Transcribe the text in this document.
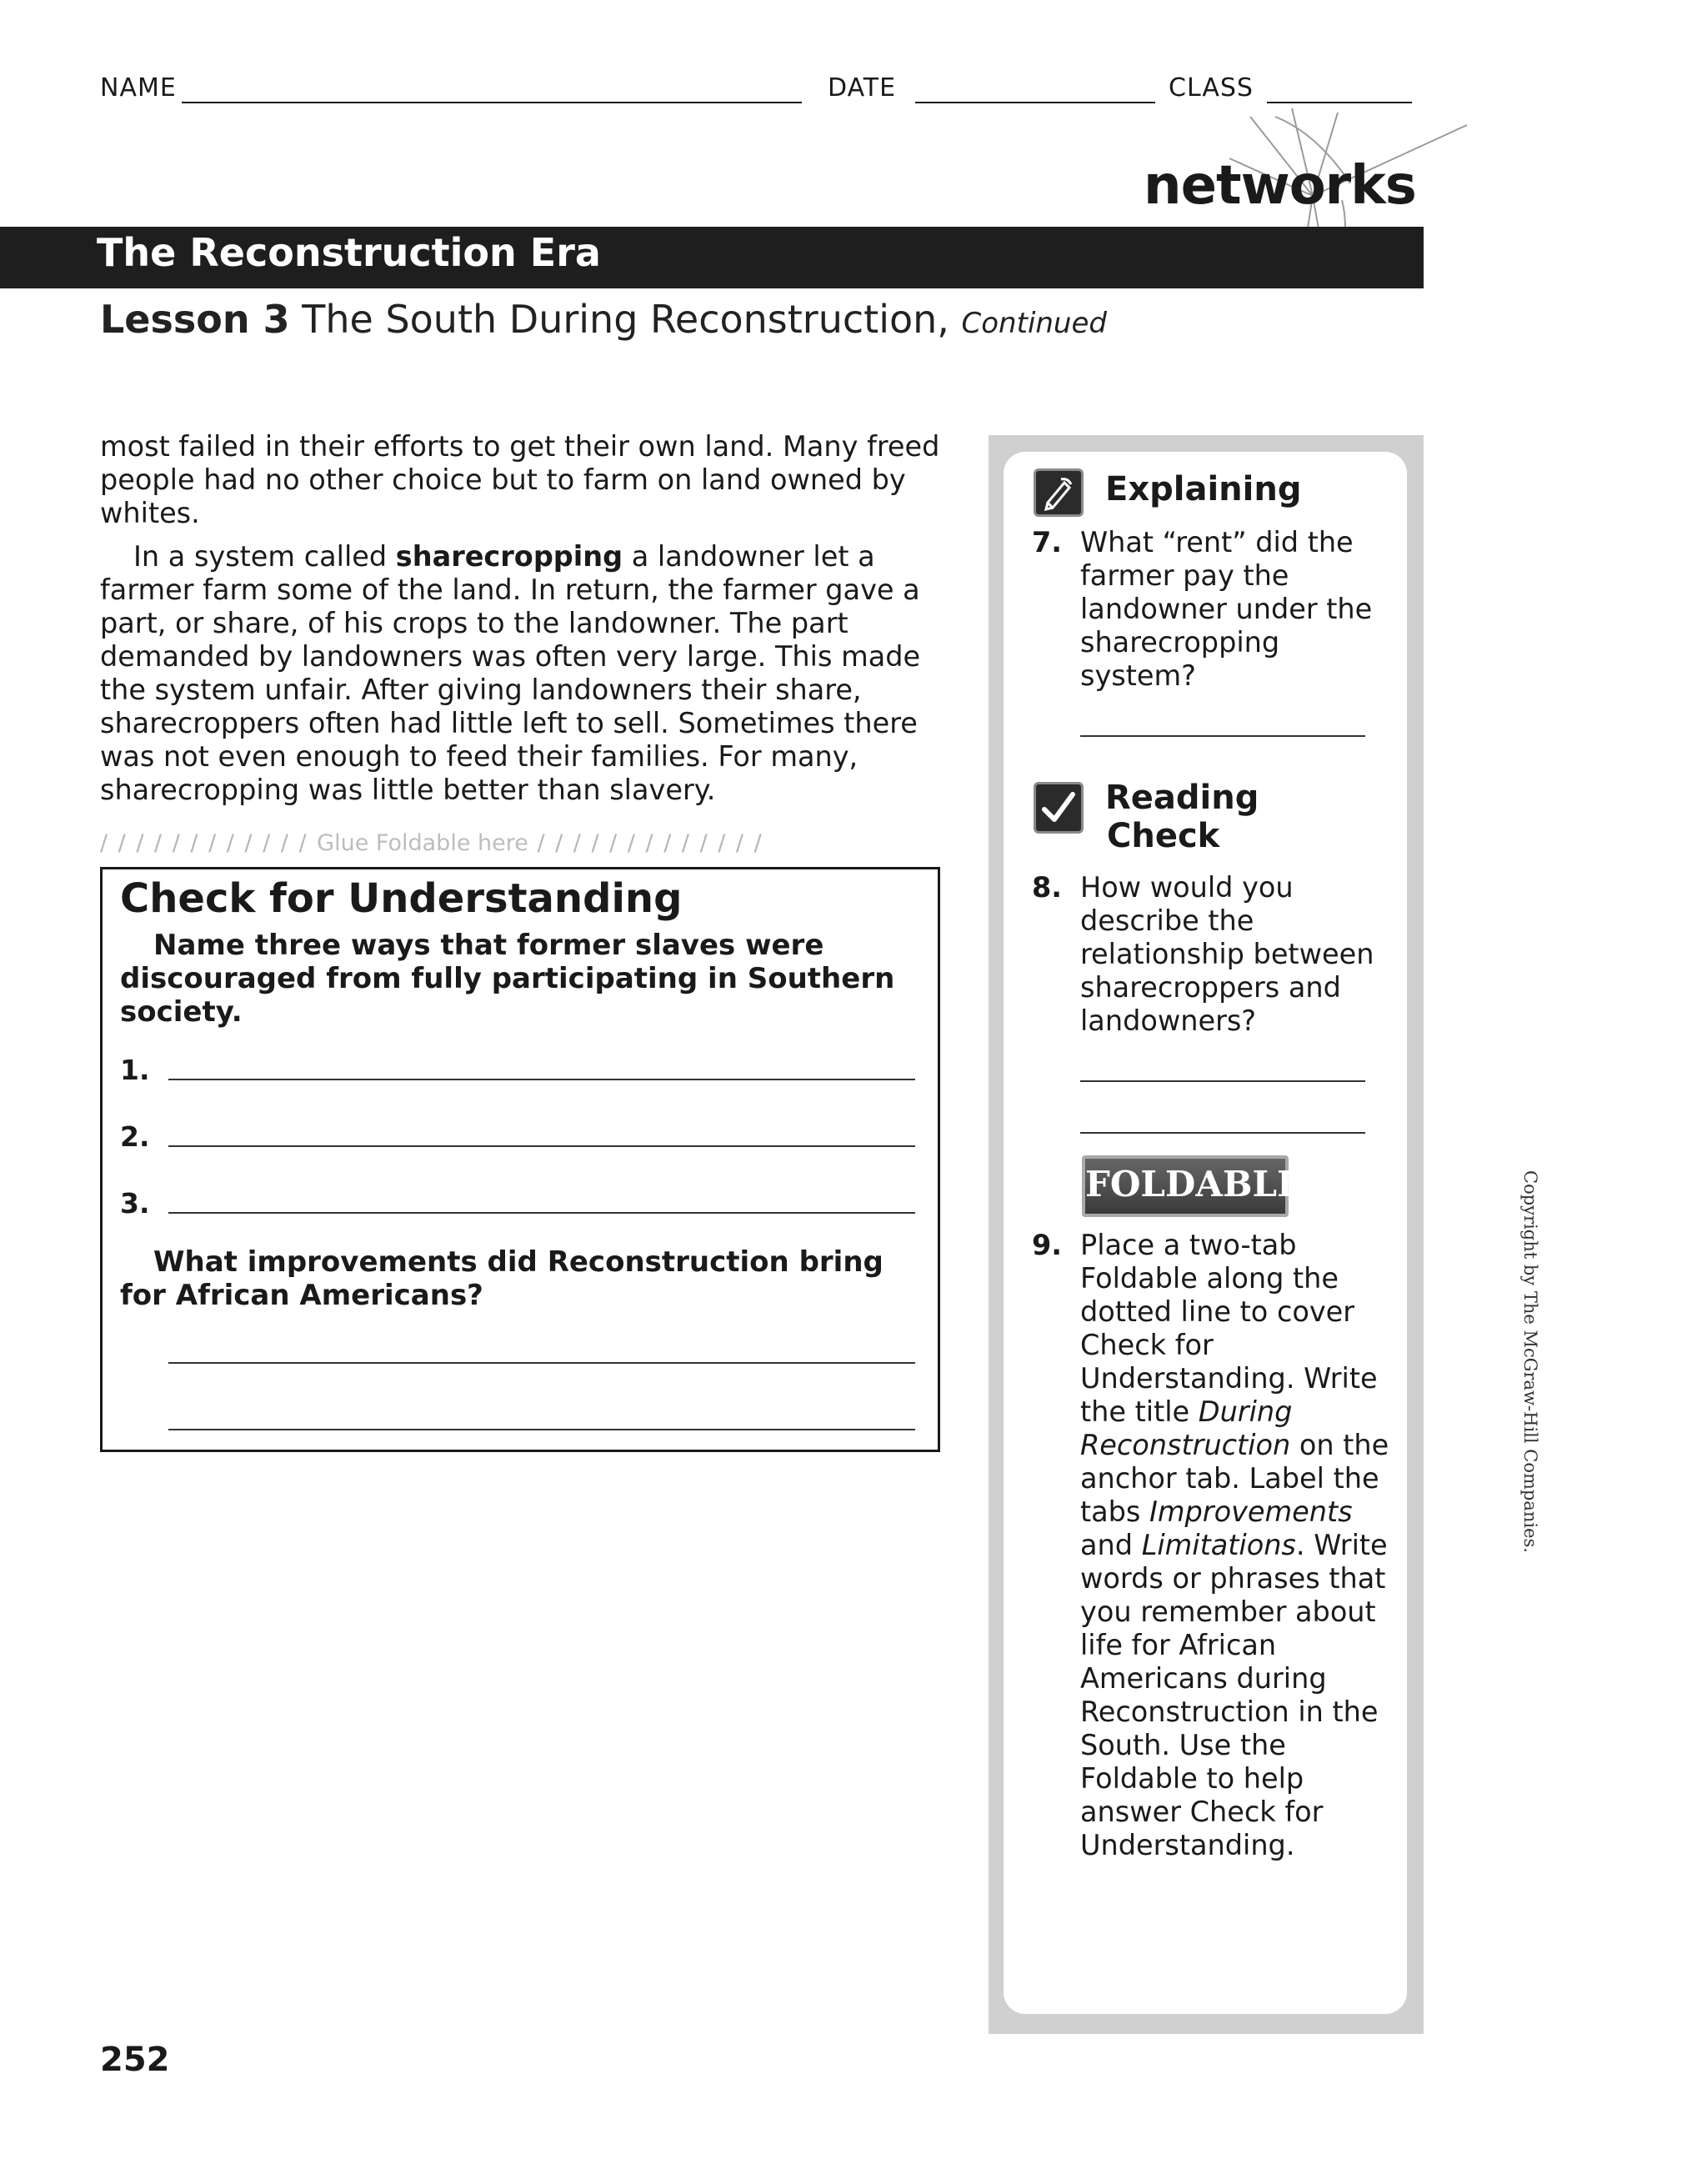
NAME	DATE	CLASS
networks
The Reconstruction Era
Lesson 3 The South During Reconstruction, Continued

most failed in their efforts to get their own land. Many freed people had no other choice but to farm on land owned by whites.

In a system called sharecropping a landowner let a farmer farm some of the land. In return, the farmer gave a part, or share, of his crops to the landowner. The part demanded by landowners was often very large. This made the system unfair. After giving landowners their share, sharecroppers often had little left to sell. Sometimes there was not even enough to feed their families. For many, sharecropping was little better than slavery.

/ / / / / / / / / / / / Glue Foldable here / / / / / / / / / / / / /
Check for Understanding
Name three ways that former slaves were discouraged from fully participating in Southern society.
1.
2.
3.
What improvements did Reconstruction bring for African Americans?
Explaining
7. What “rent” did the farmer pay the landowner under the sharecropping system?
Reading
Check
8. How would you describe the relationship between sharecroppers and landowners?
FOLDABLES
9. Place a two-tab Foldable along the dotted line to cover Check for Understanding. Write the title During Reconstruction on the anchor tab. Label the tabs Improvements and Limitations. Write words or phrases that you remember about life for African Americans during Reconstruction in the South. Use the Foldable to help answer Check for Understanding.
252
Copyright by The McGraw-Hill Companies.
